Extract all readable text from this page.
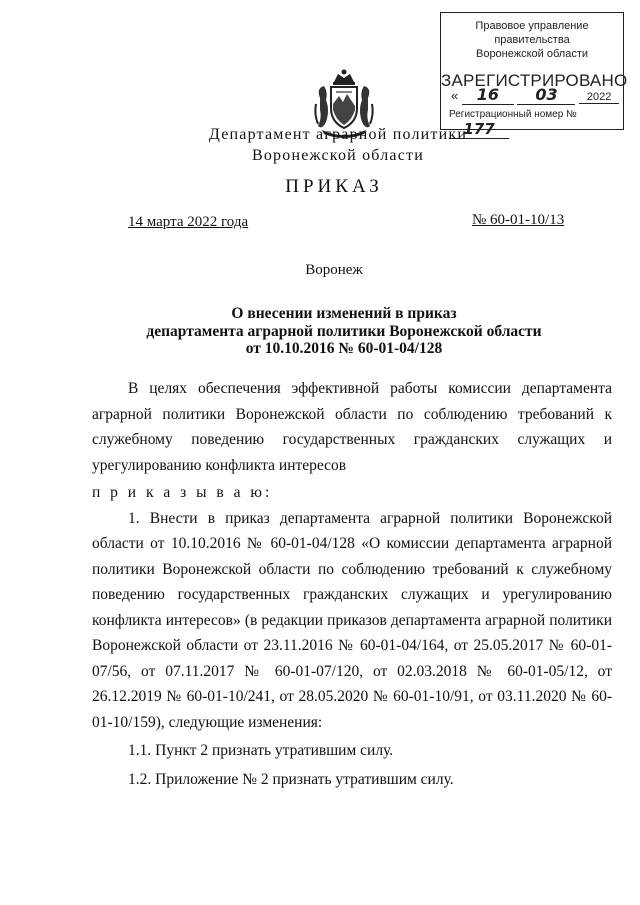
Правовое управление правительства
Воронежской области
ЗАРЕГИСТРИРОВАНО
« 16 03	2022
Регистрационный номер № 177
Департамент аграрной политики
Воронежской области
ПРИКАЗ
14 марта 2022 года	№ 60-01-10/13
Воронеж
О внесении изменений в приказ
департамента аграрной политики Воронежской области
от 10.10.2016 № 60-01-04/128

В целях обеспечения эффективной работы комиссии департамента аграрной политики Воронежской области по соблюдению требований к служебному поведению государственных гражданских служащих и урегулированию конфликта интересов

п р и к а з ы в а ю:

1. Внести в приказ департамента аграрной политики Воронежской области от 10.10.2016 № 60-01-04/128 «О комиссии департамента аграрной политики Воронежской области по соблюдению требований к служебному поведению государственных гражданских служащих и урегулированию конфликта интересов» (в редакции приказов департамента аграрной политики Воронежской области от 23.11.2016 № 60-01-04/164, от 25.05.2017 № 60-01-07/56, от 07.11.2017 № 60-01-07/120, от 02.03.2018 № 60-01-05/12, от 26.12.2019 № 60-01-10/241, от 28.05.2020 № 60-01-10/91, от 03.11.2020 № 60-01-10/159), следующие изменения:

1.1. Пункт 2 признать утратившим силу.

1.2. Приложение № 2 признать утратившим силу.
